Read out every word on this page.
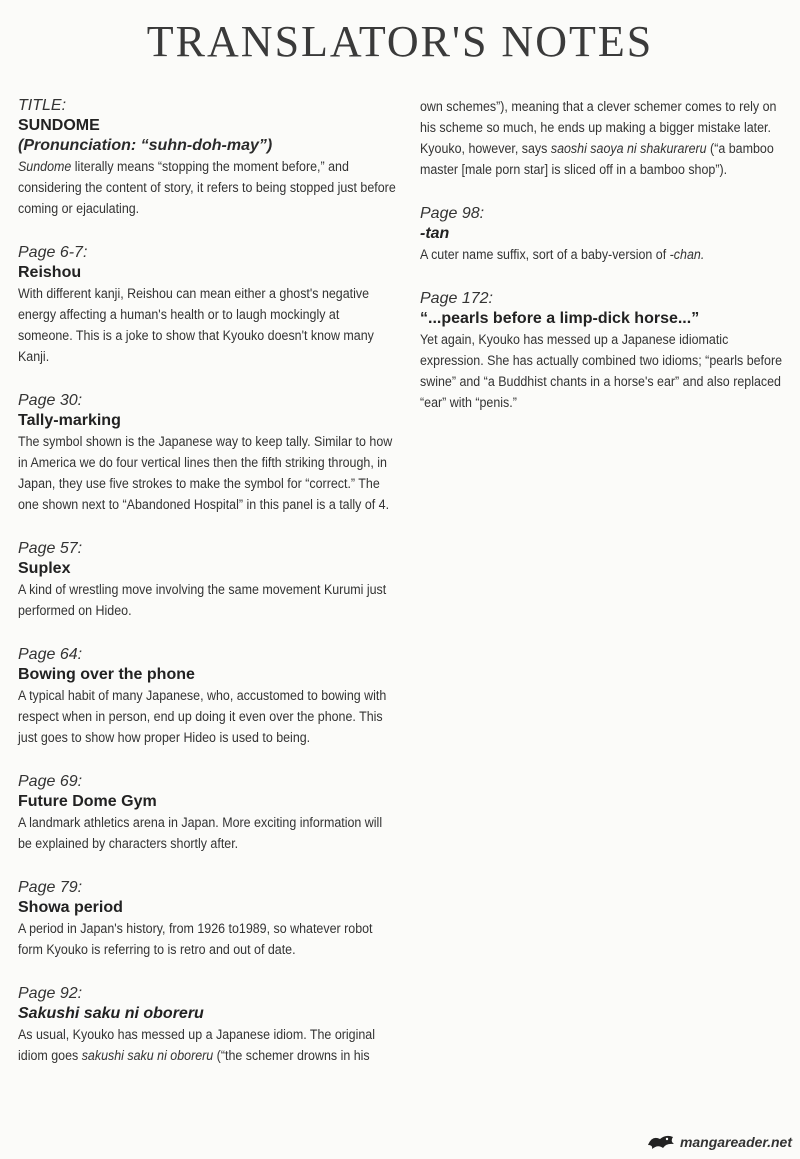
TRANSLATOR'S NOTES
TITLE:
SUNDOME
(Pronunciation: “suhn-doh-may”)
Sundome literally means “stopping the moment before,” and considering the content of story, it refers to being stopped just before coming or ejaculating.
Page 6-7:
Reishou
With different kanji, Reishou can mean either a ghost's negative energy affecting a human's health or to laugh mockingly at someone. This is a joke to show that Kyouko doesn't know many Kanji.
Page 30:
Tally-marking
The symbol shown is the Japanese way to keep tally. Similar to how in America we do four vertical lines then the fifth striking through, in Japan, they use five strokes to make the symbol for “correct.” The one shown next to “Abandoned Hospital” in this panel is a tally of 4.
Page 57:
Suplex
A kind of wrestling move involving the same movement Kurumi just performed on Hideo.
Page 64:
Bowing over the phone
A typical habit of many Japanese, who, accustomed to bowing with respect when in person, end up doing it even over the phone. This just goes to show how proper Hideo is used to being.
Page 69:
Future Dome Gym
A landmark athletics arena in Japan. More exciting information will be explained by characters shortly after.
Page 79:
Showa period
A period in Japan's history, from 1926 to1989, so whatever robot form Kyouko is referring to is retro and out of date.
Page 92:
Sakushi saku ni oboreru
As usual, Kyouko has messed up a Japanese idiom. The original idiom goes sakushi saku ni oboreru (“the schemer drowns in his
own schemes”), meaning that a clever schemer comes to rely on his scheme so much, he ends up making a bigger mistake later. Kyouko, however, says saoshi saoya ni shakurareru (“a bamboo master [male porn star] is sliced off in a bamboo shop”).
Page 98:
-tan
A cuter name suffix, sort of a baby-version of -chan.
Page 172:
“...pearls before a limp-dick horse...”
Yet again, Kyouko has messed up a Japanese idiomatic expression. She has actually combined two idioms; “pearls before swine” and “a Buddhist chants in a horse's ear” and also replaced “ear” with “penis.”
mangareader.net
